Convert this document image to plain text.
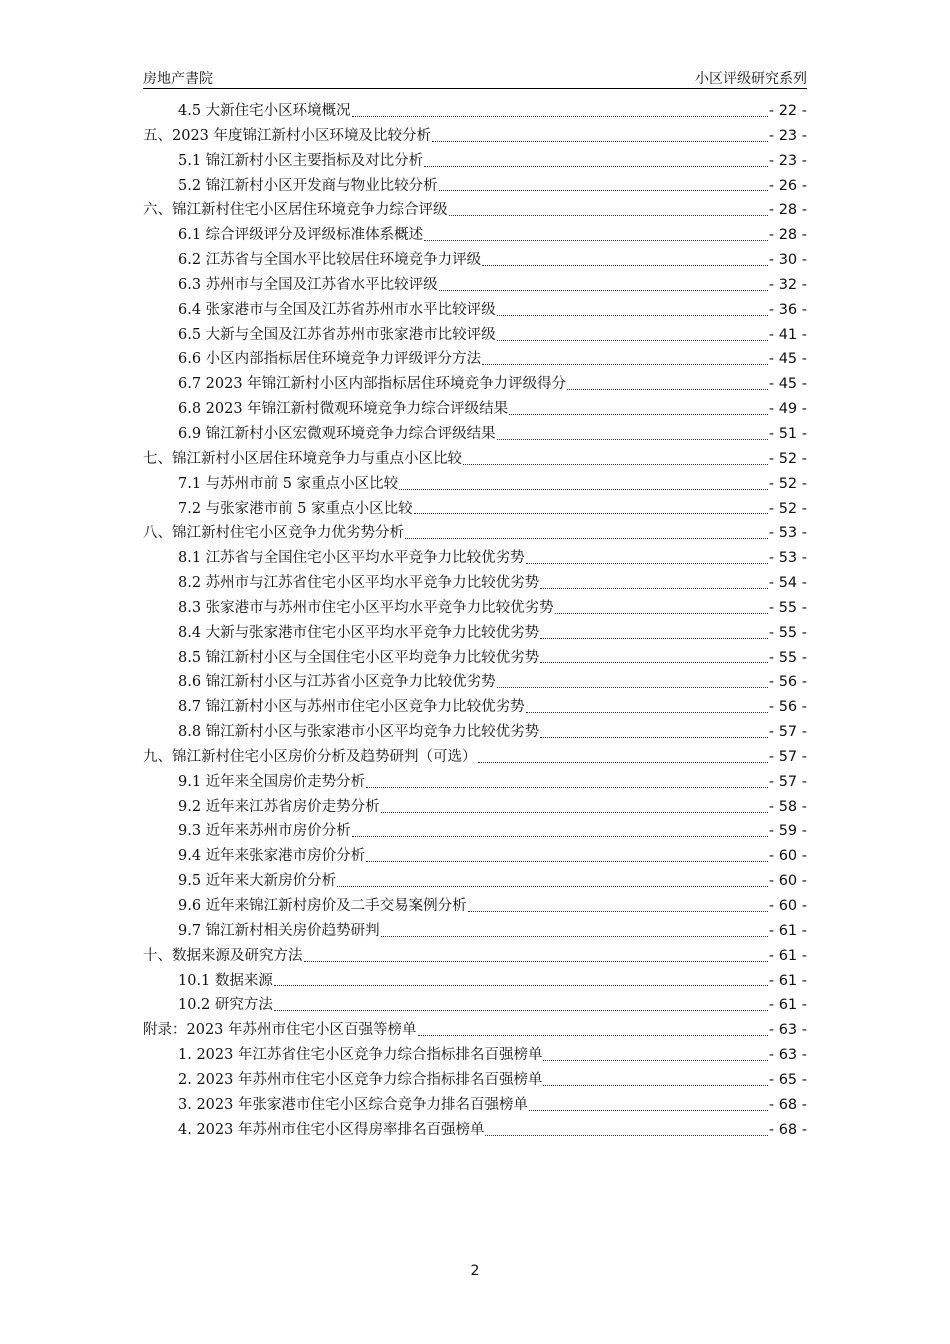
房地产書院	小区评级研究系列
4.5 大新住宅小区环境概况	- 22 -
五、2023 年度锦江新村小区环境及比较分析	- 23 -
5.1 锦江新村小区主要指标及对比分析	- 23 -
5.2 锦江新村小区开发商与物业比较分析	- 26 -
六、锦江新村住宅小区居住环境竞争力综合评级	- 28 -
6.1 综合评级评分及评级标准体系概述	- 28 -
6.2 江苏省与全国水平比较居住环境竞争力评级	- 30 -
6.3 苏州市与全国及江苏省水平比较评级	- 32 -
6.4 张家港市与全国及江苏省苏州市水平比较评级	- 36 -
6.5 大新与全国及江苏省苏州市张家港市比较评级	- 41 -
6.6 小区内部指标居住环境竞争力评级评分方法	- 45 -
6.7 2023 年锦江新村小区内部指标居住环境竞争力评级得分	- 45 -
6.8 2023 年锦江新村微观环境竞争力综合评级结果	- 49 -
6.9 锦江新村小区宏微观环境竞争力综合评级结果	- 51 -
七、锦江新村小区居住环境竞争力与重点小区比较	- 52 -
7.1 与苏州市前 5 家重点小区比较	- 52 -
7.2 与张家港市前 5 家重点小区比较	- 52 -
八、锦江新村住宅小区竞争力优劣势分析	- 53 -
8.1 江苏省与全国住宅小区平均水平竞争力比较优劣势	- 53 -
8.2 苏州市与江苏省住宅小区平均水平竞争力比较优劣势	- 54 -
8.3 张家港市与苏州市住宅小区平均水平竞争力比较优劣势	- 55 -
8.4 大新与张家港市住宅小区平均水平竞争力比较优劣势	- 55 -
8.5 锦江新村小区与全国住宅小区平均竞争力比较优劣势	- 55 -
8.6 锦江新村小区与江苏省小区竞争力比较优劣势	- 56 -
8.7 锦江新村小区与苏州市住宅小区竞争力比较优劣势	- 56 -
8.8 锦江新村小区与张家港市小区平均竞争力比较优劣势	- 57 -
九、锦江新村住宅小区房价分析及趋势研判（可选）	- 57 -
9.1 近年来全国房价走势分析	- 57 -
9.2 近年来江苏省房价走势分析	- 58 -
9.3 近年来苏州市房价分析	- 59 -
9.4 近年来张家港市房价分析	- 60 -
9.5 近年来大新房价分析	- 60 -
9.6 近年来锦江新村房价及二手交易案例分析	- 60 -
9.7 锦江新村相关房价趋势研判	- 61 -
十、数据来源及研究方法	- 61 -
10.1 数据来源	- 61 -
10.2 研究方法	- 61 -
附录：2023 年苏州市住宅小区百强等榜单	- 63 -
1. 2023 年江苏省住宅小区竞争力综合指标排名百强榜单	- 63 -
2. 2023 年苏州市住宅小区竞争力综合指标排名百强榜单	- 65 -
3. 2023 年张家港市住宅小区综合竞争力排名百强榜单	- 68 -
4. 2023 年苏州市住宅小区得房率排名百强榜单	- 68 -
2
